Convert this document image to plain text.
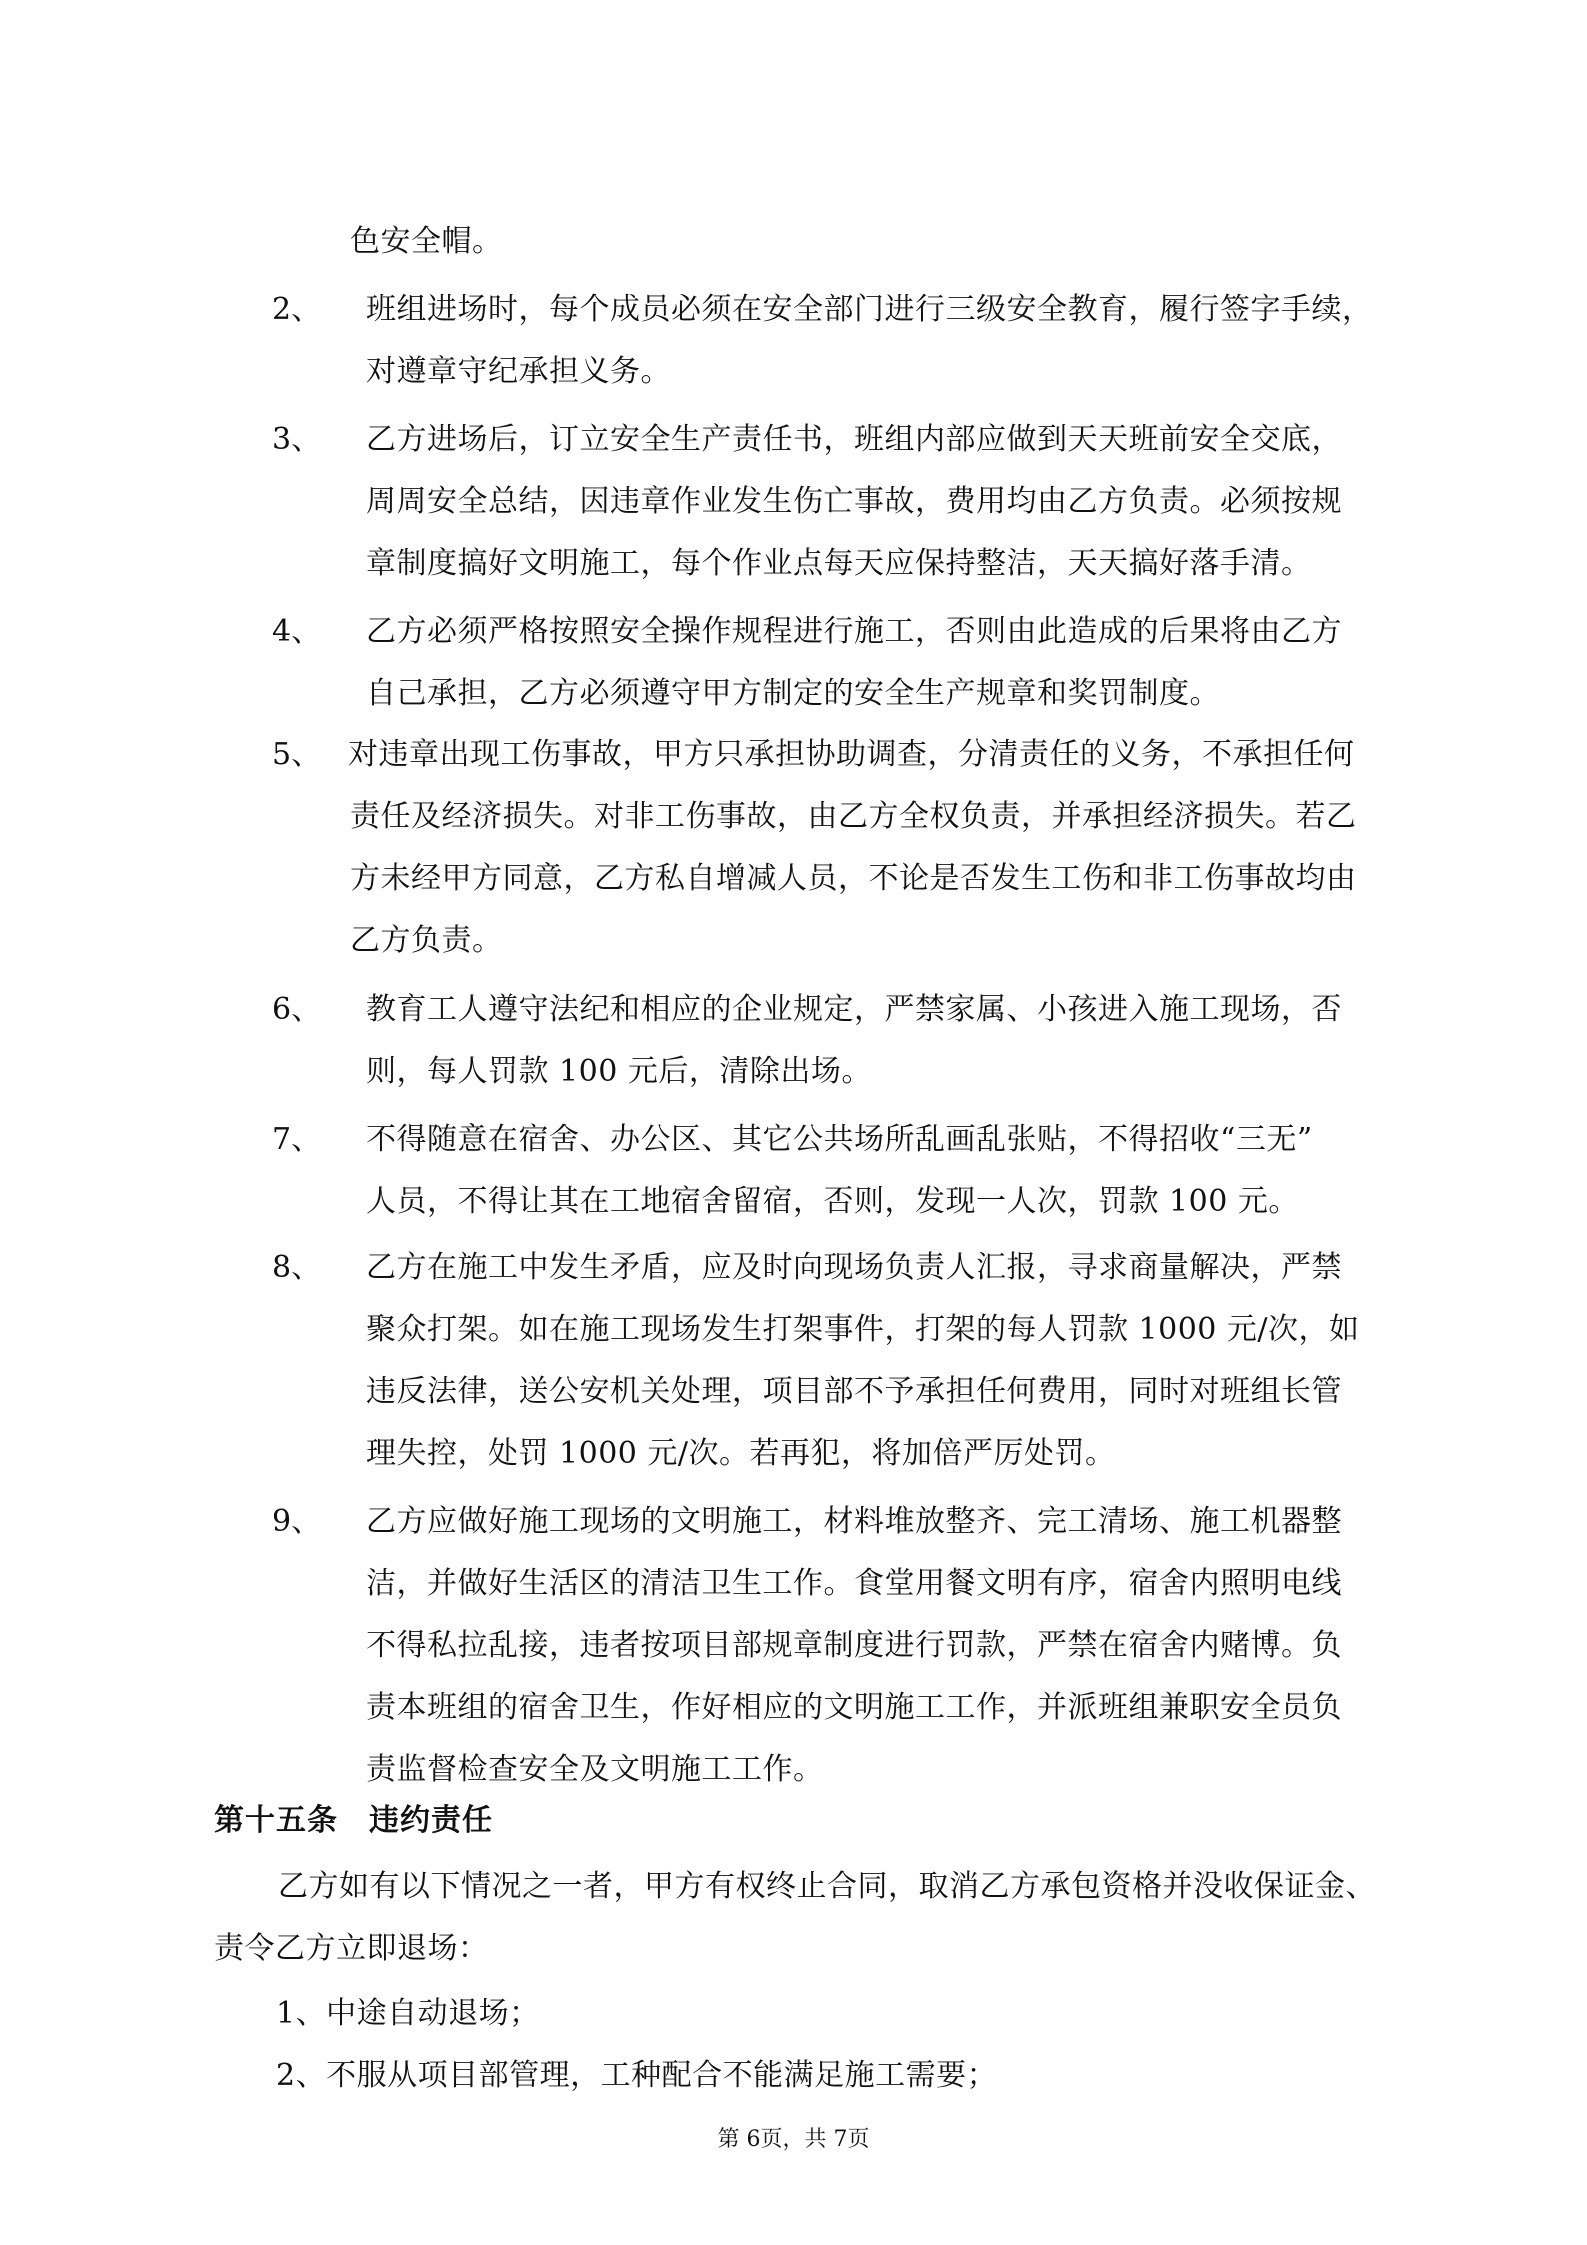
色安全帽。
2、 班组进场时，每个成员必须在安全部门进行三级安全教育，履行签字手续，
对遵章守纪承担义务。
3、 乙方进场后，订立安全生产责任书，班组内部应做到天天班前安全交底，
周周安全总结，因违章作业发生伤亡事故，费用均由乙方负责。必须按规
章制度搞好文明施工，每个作业点每天应保持整洁，天天搞好落手清。
4、 乙方必须严格按照安全操作规程进行施工，否则由此造成的后果将由乙方
自己承担，乙方必须遵守甲方制定的安全生产规章和奖罚制度。
5、 对违章出现工伤事故，甲方只承担协助调查，分清责任的义务，不承担任何
责任及经济损失。对非工伤事故，由乙方全权负责，并承担经济损失。若乙
方未经甲方同意，乙方私自增减人员，不论是否发生工伤和非工伤事故均由
乙方负责。
6、 教育工人遵守法纪和相应的企业规定，严禁家属、小孩进入施工现场，否
则，每人罚款 100 元后，清除出场。
7、 不得随意在宿舍、办公区、其它公共场所乱画乱张贴，不得招收“三无”
人员，不得让其在工地宿舍留宿，否则，发现一人次，罚款 100 元。
8、 乙方在施工中发生矛盾，应及时向现场负责人汇报，寻求商量解决，严禁
聚众打架。如在施工现场发生打架事件，打架的每人罚款 1000 元/次，如
违反法律，送公安机关处理，项目部不予承担任何费用，同时对班组长管
理失控，处罚 1000 元/次。若再犯，将加倍严厉处罚。
9、 乙方应做好施工现场的文明施工，材料堆放整齐、完工清场、施工机器整
洁，并做好生活区的清洁卫生工作。食堂用餐文明有序，宿舍内照明电线
不得私拉乱接，违者按项目部规章制度进行罚款，严禁在宿舍内赌博。负
责本班组的宿舍卫生，作好相应的文明施工工作，并派班组兼职安全员负
责监督检查安全及文明施工工作。
第十五条　违约责任
乙方如有以下情况之一者，甲方有权终止合同，取消乙方承包资格并没收保证金、
责令乙方立即退场：
1、中途自动退场；
2、不服从项目部管理，工种配合不能满足施工需要；
第 6页，共 7页
